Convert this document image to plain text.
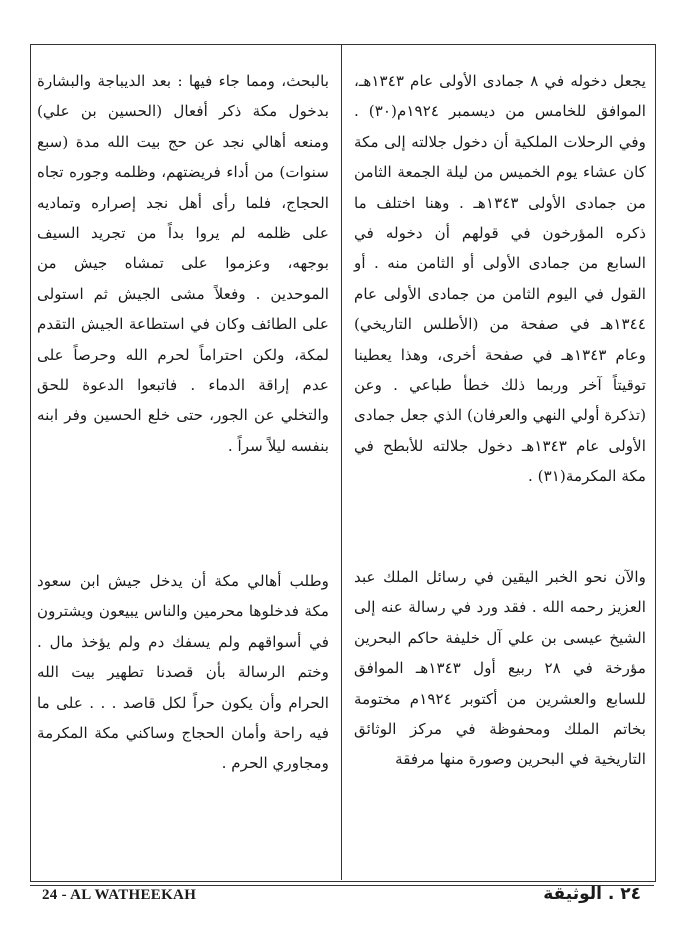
يجعل دخوله في ٨ جمادى الأولى عام ١٣٤٣هـ، الموافق للخامس من ديسمبر ١٩٢٤م(٣٠) . وفي الرحلات الملكية أن دخول جلالته إلى مكة كان عشاء يوم الخميس من ليلة الجمعة الثامن من جمادى الأولى ١٣٤٣هـ . وهنا اختلف ما ذكره المؤرخون في قولهم أن دخوله في السابع من جمادى الأولى أو الثامن منه . أو القول في اليوم الثامن من جمادى الأولى عام ١٣٤٤هـ في صفحة من (الأطلس التاريخي) وعام ١٣٤٣هـ في صفحة أخرى، وهذا يعطينا توقيتاً آخر وربما ذلك خطأ طباعي . وعن (تذكرة أولي النهي والعرفان) الذي جعل جمادى الأولى عام ١٣٤٣هـ دخول جلالته للأبطح في مكة المكرمة(٣١) .

والآن نحو الخبر اليقين في رسائل الملك عبد العزيز رحمه الله . فقد ورد في رسالة عنه إلى الشيخ عيسى بن علي آل خليفة حاكم البحرين مؤرخة في ٢٨ ربيع أول ١٣٤٣هـ الموافق للسابع والعشرين من أكتوبر ١٩٢٤م مختومة بخاتم الملك ومحفوظة في مركز الوثائق التاريخية في البحرين وصورة منها مرفقة

بالبحث، ومما جاء فيها : بعد الديباجة والبشارة بدخول مكة ذكر أفعال (الحسين بن علي) ومنعه أهالي نجد عن حج بيت الله مدة (سبع سنوات) من أداء فريضتهم، وظلمه وجوره تجاه الحجاج، فلما رأى أهل نجد إصراره وتماديه على ظلمه لم يروا بداً من تجريد السيف بوجهه، وعزموا على تمشاه جيش من الموحدين . وفعلاً مشى الجيش ثم استولى على الطائف وكان في استطاعة الجيش التقدم لمكة، ولكن احتراماً لحرم الله وحرصاً على عدم إراقة الدماء . فاتبعوا الدعوة للحق والتخلي عن الجور، حتى خلع الحسين وفر ابنه بنفسه ليلاً سراً .

وطلب أهالي مكة أن يدخل جيش ابن سعود مكة فدخلوها محرمين والناس يبيعون ويشترون في أسواقهم ولم يسفك دم ولم يؤخذ مال . وختم الرسالة بأن قصدنا تطهير بيت الله الحرام وأن يكون حراً لكل قاصد . . . على ما فيه راحة وأمان الحجاج وساكني مكة المكرمة ومجاوري الحرم .

24 - AL WATHEEKAH	٢٤ . الوثيقة
